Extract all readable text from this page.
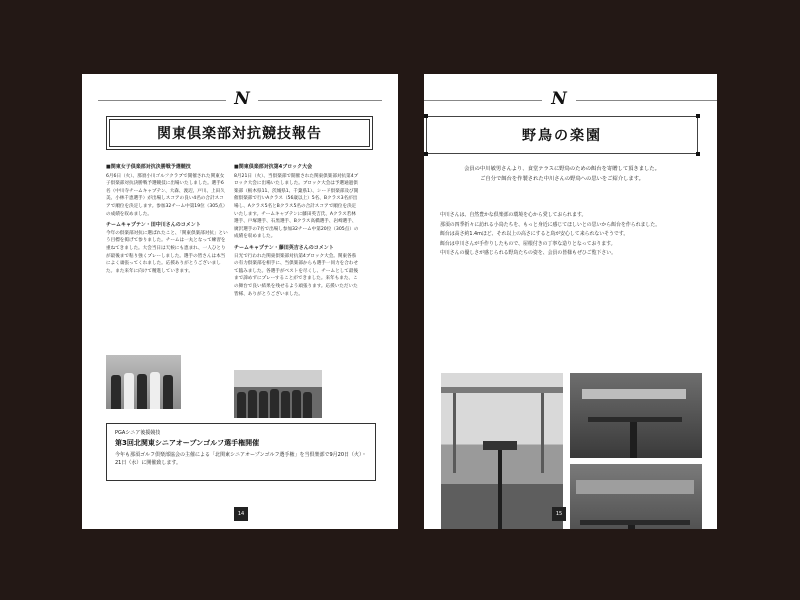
N
関東倶楽部対抗競技報告

■関東女子倶楽部対抗決勝戦予選競技

6月6日（火）、那須小川ゴルフクラブで開催された関東女子倶楽部対抗決勝戦予選競技に出場いたしました。選手6名（中川寺チームキャプテン、大森、渡辺、戸川、上田久美、小林千恵選手）が出場しスコアの良い4名の合計スコアで順位を決定します。参加32チーム中第19位（305点）の成績を収めました。

チームキャプテン・田中川さんのコメント

今年の倶楽部対抗に選ばれたこと、「関東倶楽部対抗」という目標を掲げて参りました。チームは一丸となって練習を重ねてきました。大会当日は天候にも恵まれ、一人ひとりが最後まで粘り強くプレーしました。選手の皆さんは本当によく頑張ってくれました。応援ありがとうございました。また来年に向けて精進していきます。

■関東倶楽部対抗第4ブロック大会

8月21日（火）、当倶楽部で開催された関東倶楽部対抗第4ブロック大会に出場いたしました。ブロック大会は予選通過倶楽部（栃木県11、茨城県1、千葉県1）、シード倶楽部及び開催倶楽部で行いAクラス（56歳以上）5名、Bクラス3名が出場し、Aクラス5名とBクラス5名の合計スコアで順位を決定いたします。チームキャプテンに藤田英吉氏、Aクラス若林選手、戸塚選手、石黒選手、Bクラス高橋選手、岩崎選手、廣沢選手の7名で出場し参加32チーム中第20位（305点）の成績を収めました。

チームキャプテン・藤田英吉さんのコメント

日光で行われた関東倶楽部対抗第4ブロック大会。関東各県の有力倶楽部を相手に、当倶楽部からも選手一同力を合わせて臨みました。各選手がベストを尽くし、チームとして最後まで諦めずにプレーすることができました。来年もまた、この舞台で良い結果を残せるよう頑張ります。応援いただいた皆様、ありがとうございました。

PGAシニア後援競技
第3回北関東シニアオープンゴルフ選手権開催
今年も那須ゴルフ倶楽部協会の主催による「北関東シニアオープンゴルフ選手権」を当倶楽部で9月20日（火）・21日（水）に開催致します。
14
N
野鳥の楽園
会員の中川敏男さんより、食堂テラスに野鳥のための餌台を寄贈して頂きました。
ご自分で餌台を作製された中川さんの野鳥への思いをご紹介します。
中川さんは、自然豊かな倶楽部の環境を心から愛しておられます。
那須の四季折々に訪れる小鳥たちを、もっと身近に感じてほしいとの思いから餌台を作られました。
餌台は高さ約1.4mほど、それ以上の高さにすると鳥が安心して来られないそうです。
餌台は中川さんが手作りしたもので、屋根付きの丁寧な造りとなっております。
中川さんの優しさが感じられる野鳥たちの姿を、会員の皆様もぜひご覧下さい。
15
